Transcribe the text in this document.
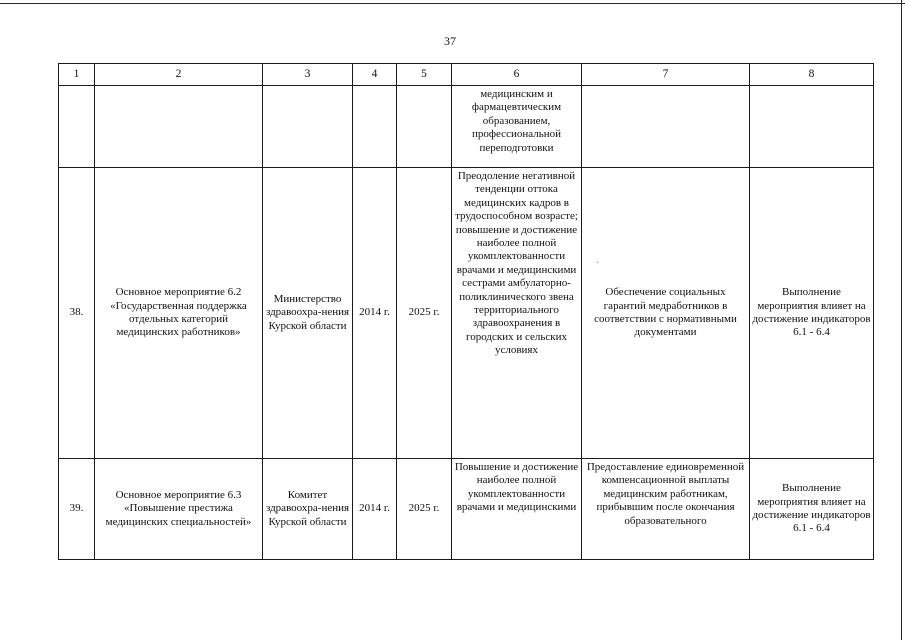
37
1	2	3	4	5	6	7	8
					медицинским и фармацевтическим образованием, профессиональной переподготовки		
38.	Основное мероприятие 6.2 «Государственная поддержка отдельных категорий медицинских работников»	Министерство здравоохра-нения Курской области	2014 г.	2025 г.	Преодоление негативной тенденции оттока медицинских кадров в трудоспособном возрасте; повышение и достижение наиболее полной укомплектованности врачами и медицинскими сестрами амбулаторно-поликлинического звена территориального здравоохранения в городских и сельских условиях	Обеспечение социальных гарантий медработников в соответствии с нормативными документами	Выполнение мероприятия влияет на достижение индикаторов 6.1 - 6.4
39.	Основное мероприятие 6.3 «Повышение престижа медицинских специальностей»	Комитет здравоохра-нения Курской области	2014 г.	2025 г.	Повышение и достижение наиболее полной укомплектованности врачами и медицинскими	Предоставление единовременной компенсационной выплаты медицинским работникам, прибывшим после окончания образовательного	Выполнение мероприятия влияет на достижение индикаторов 6.1 - 6.4
`
